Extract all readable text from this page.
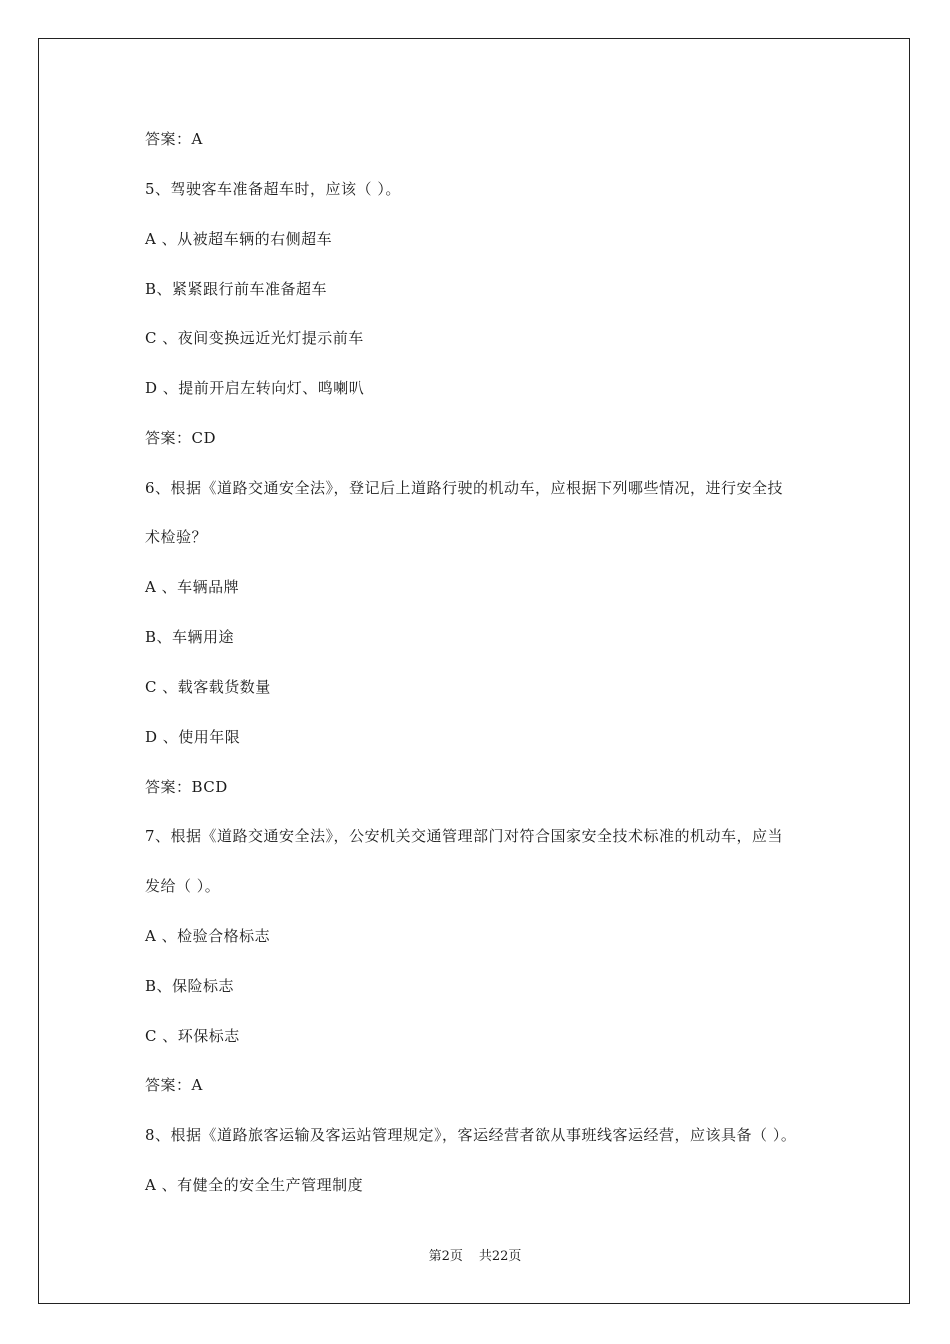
答案：A
5、驾驶客车准备超车时，应该（ ）。
A 、从被超车辆的右侧超车
B、紧紧跟行前车准备超车
C 、夜间变换远近光灯提示前车
D 、提前开启左转向灯、鸣喇叭
答案：CD
6、根据《道路交通安全法》，登记后上道路行驶的机动车，应根据下列哪些情况，进行安全技
术检验？
A 、车辆品牌
B、车辆用途
C 、载客载货数量
D 、使用年限
答案：BCD
7、根据《道路交通安全法》，公安机关交通管理部门对符合国家安全技术标准的机动车，应当
发给（ ）。
A 、检验合格标志
B、保险标志
C 、环保标志
答案：A
8、根据《道路旅客运输及客运站管理规定》，客运经营者欲从事班线客运经营，应该具备（ ）。
A 、有健全的安全生产管理制度
第2页 共22页
